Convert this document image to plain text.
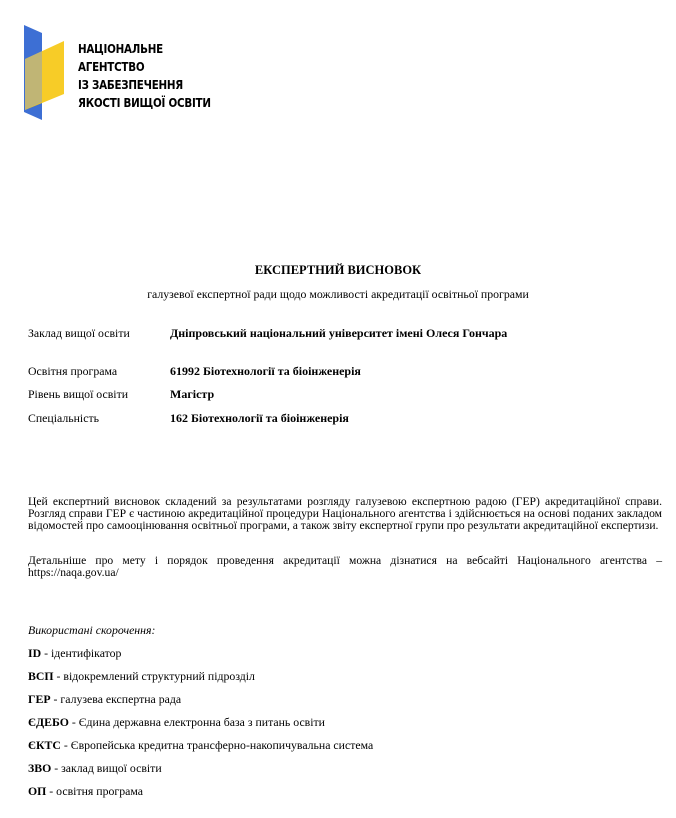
НАЦІОНАЛЬНЕ
АГЕНТСТВО
ІЗ ЗАБЕЗПЕЧЕННЯ
ЯКОСТІ ВИЩОЇ ОСВІТИ
ЕКСПЕРТНИЙ ВИСНОВОК
галузевої експертної ради щодо можливості акредитації освітньої програми
Заклад вищої освіти	Дніпровський національний університет імені Олеся Гончара
Освітня програма	61992 Біотехнології та біоінженерія
Рівень вищої освіти	Магістр
Спеціальність	162 Біотехнології та біоінженерія
Цей експертний висновок складений за результатами розгляду галузевою експертною радою (ГЕР) акредитаційної справи. Розгляд справи ГЕР є частиною акредитаційної процедури Національного агентства і здійснюється на основі поданих закладом відомостей про самооцінювання освітньої програми, а також звіту експертної групи про результати акредитаційної експертизи.
Детальніше про мету і порядок проведення акредитації можна дізнатися на вебсайті Національного агентства – https://naqa.gov.ua/
Використані скорочення:
ID - ідентифікатор
ВСП - відокремлений структурний підрозділ
ГЕР - галузева експертна рада
ЄДЕБО - Єдина державна електронна база з питань освіти
ЄКТС - Європейська кредитна трансферно-накопичувальна система
ЗВО - заклад вищої освіти
ОП - освітня програма
